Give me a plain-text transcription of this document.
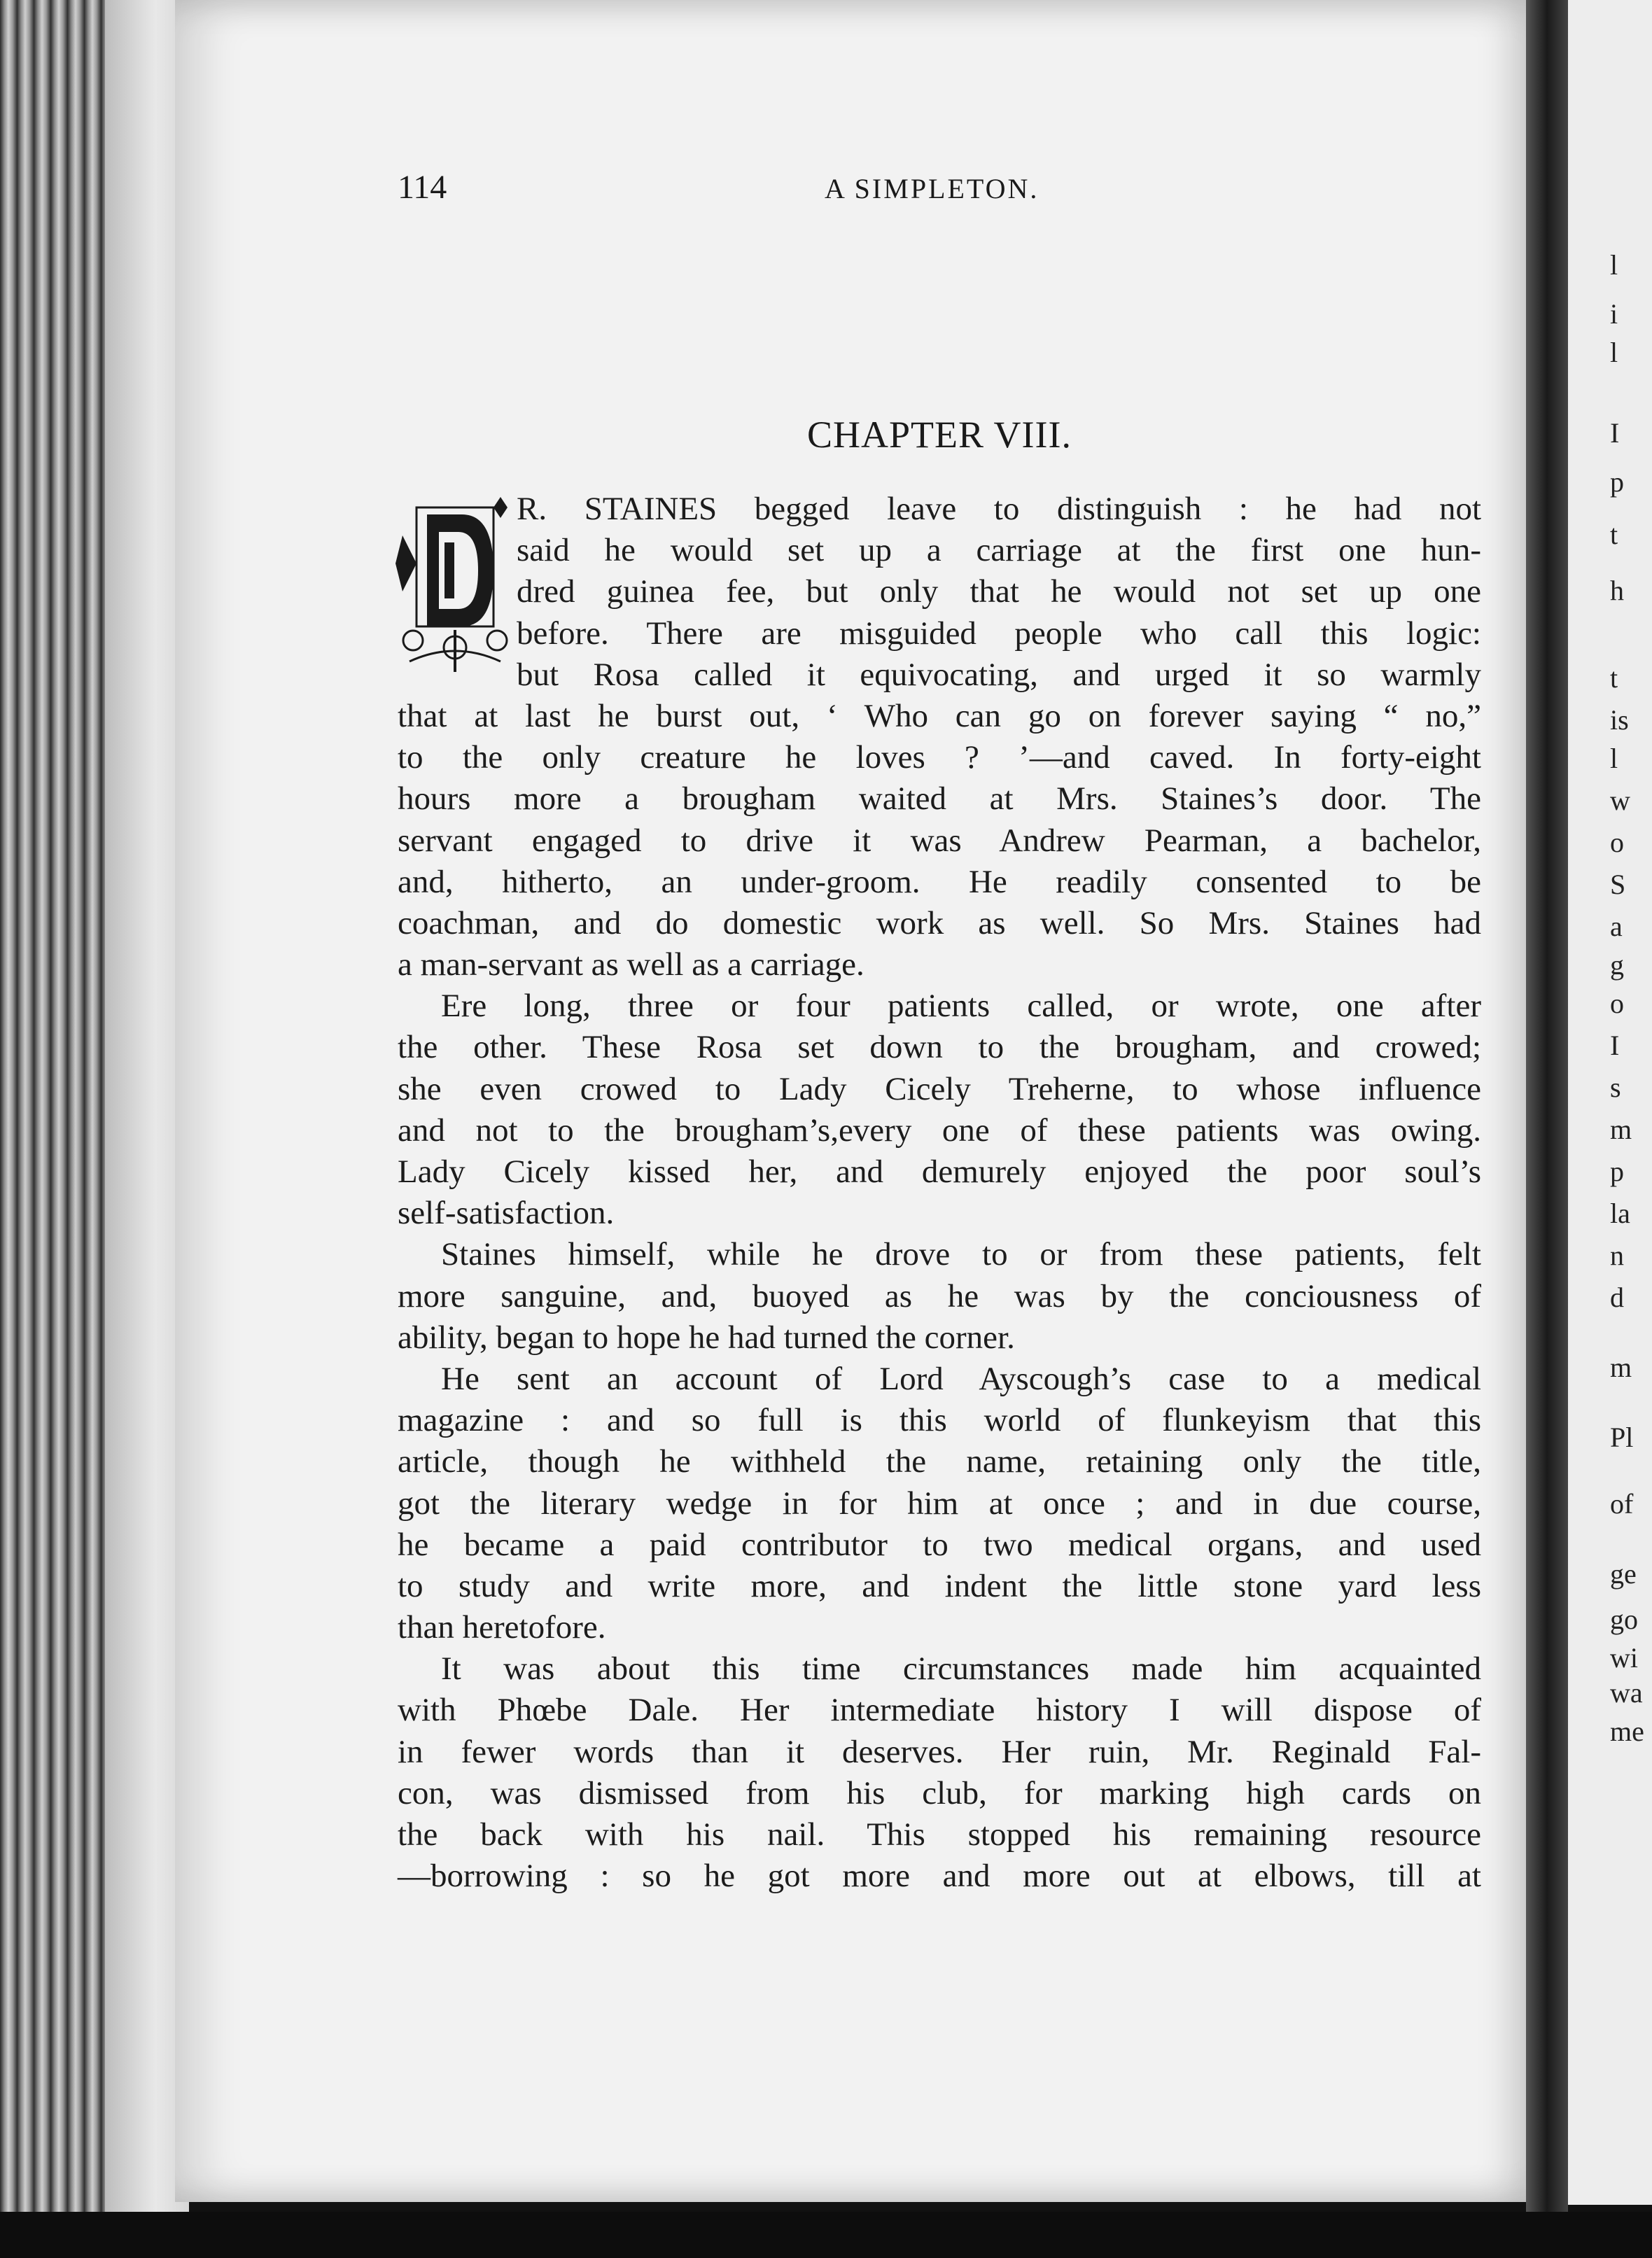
l
i
l
I
p
t
h
t
is
l
w
o
S
a
g
o
I
s
m
p
la
n
d
m
Pl
of
ge
go
wi
wa
me
114	A SIMPLETON.
CHAPTER VIII.
R. STAINES begged leave to distinguish : he had not
said he would set up a carriage at the first one hun-
dred guinea fee, but only that he would not set up one
before. There are misguided people who call this logic:
but Rosa called it equivocating, and urged it so warmly
that at last he burst out, ‘ Who can go on forever saying “ no,”
to the only creature he loves ? ’—and caved. In forty-eight
hours more a brougham waited at Mrs. Staines’s door. The
servant engaged to drive it was Andrew Pearman, a bachelor,
and, hitherto, an under-groom. He readily consented to be
coachman, and do domestic work as well. So Mrs. Staines had
a man-servant as well as a carriage.
Ere long, three or four patients called, or wrote, one after
the other. These Rosa set down to the brougham, and crowed;
she even crowed to Lady Cicely Treherne, to whose influence
and not to the brougham’s,every one of these patients was owing.
Lady Cicely kissed her, and demurely enjoyed the poor soul’s
self-satisfaction.
Staines himself, while he drove to or from these patients, felt
more sanguine, and, buoyed as he was by the conciousness of
ability, began to hope he had turned the corner.
He sent an account of Lord Ayscough’s case to a medical
magazine : and so full is this world of flunkeyism that this
article, though he withheld the name, retaining only the title,
got the literary wedge in for him at once ; and in due course,
he became a paid contributor to two medical organs, and used
to study and write more, and indent the little stone yard less
than heretofore.
It was about this time circumstances made him acquainted
with Phœbe Dale. Her intermediate history I will dispose of
in fewer words than it deserves. Her ruin, Mr. Reginald Fal-
con, was dismissed from his club, for marking high cards on
the back with his nail. This stopped his remaining resource
—borrowing : so he got more and more out at elbows, till at
